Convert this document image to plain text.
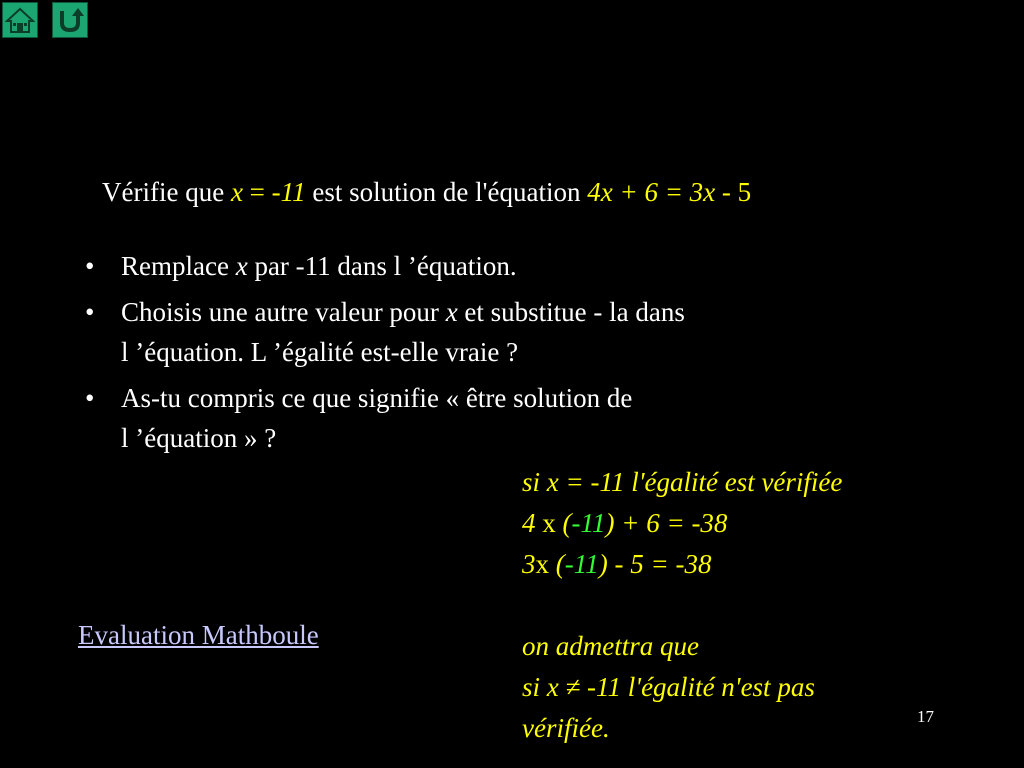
Vérifie que x = -11 est solution de l'équation 4x + 6 = 3x - 5
• Remplace x par -11 dans l ’équation.
• Choisis une autre valeur pour x et substitue - la dans
l ’équation. L ’égalité est-elle vraie ?
• As-tu compris ce que signifie « être solution de
l ’équation » ?
si x = -11 l'égalité est vérifiée
4 x (-11) + 6 = -38
3x (-11) - 5 = -38
on admettra que
si x ≠ -11 l'égalité n'est pas
vérifiée.
Evaluation Mathboule
17
